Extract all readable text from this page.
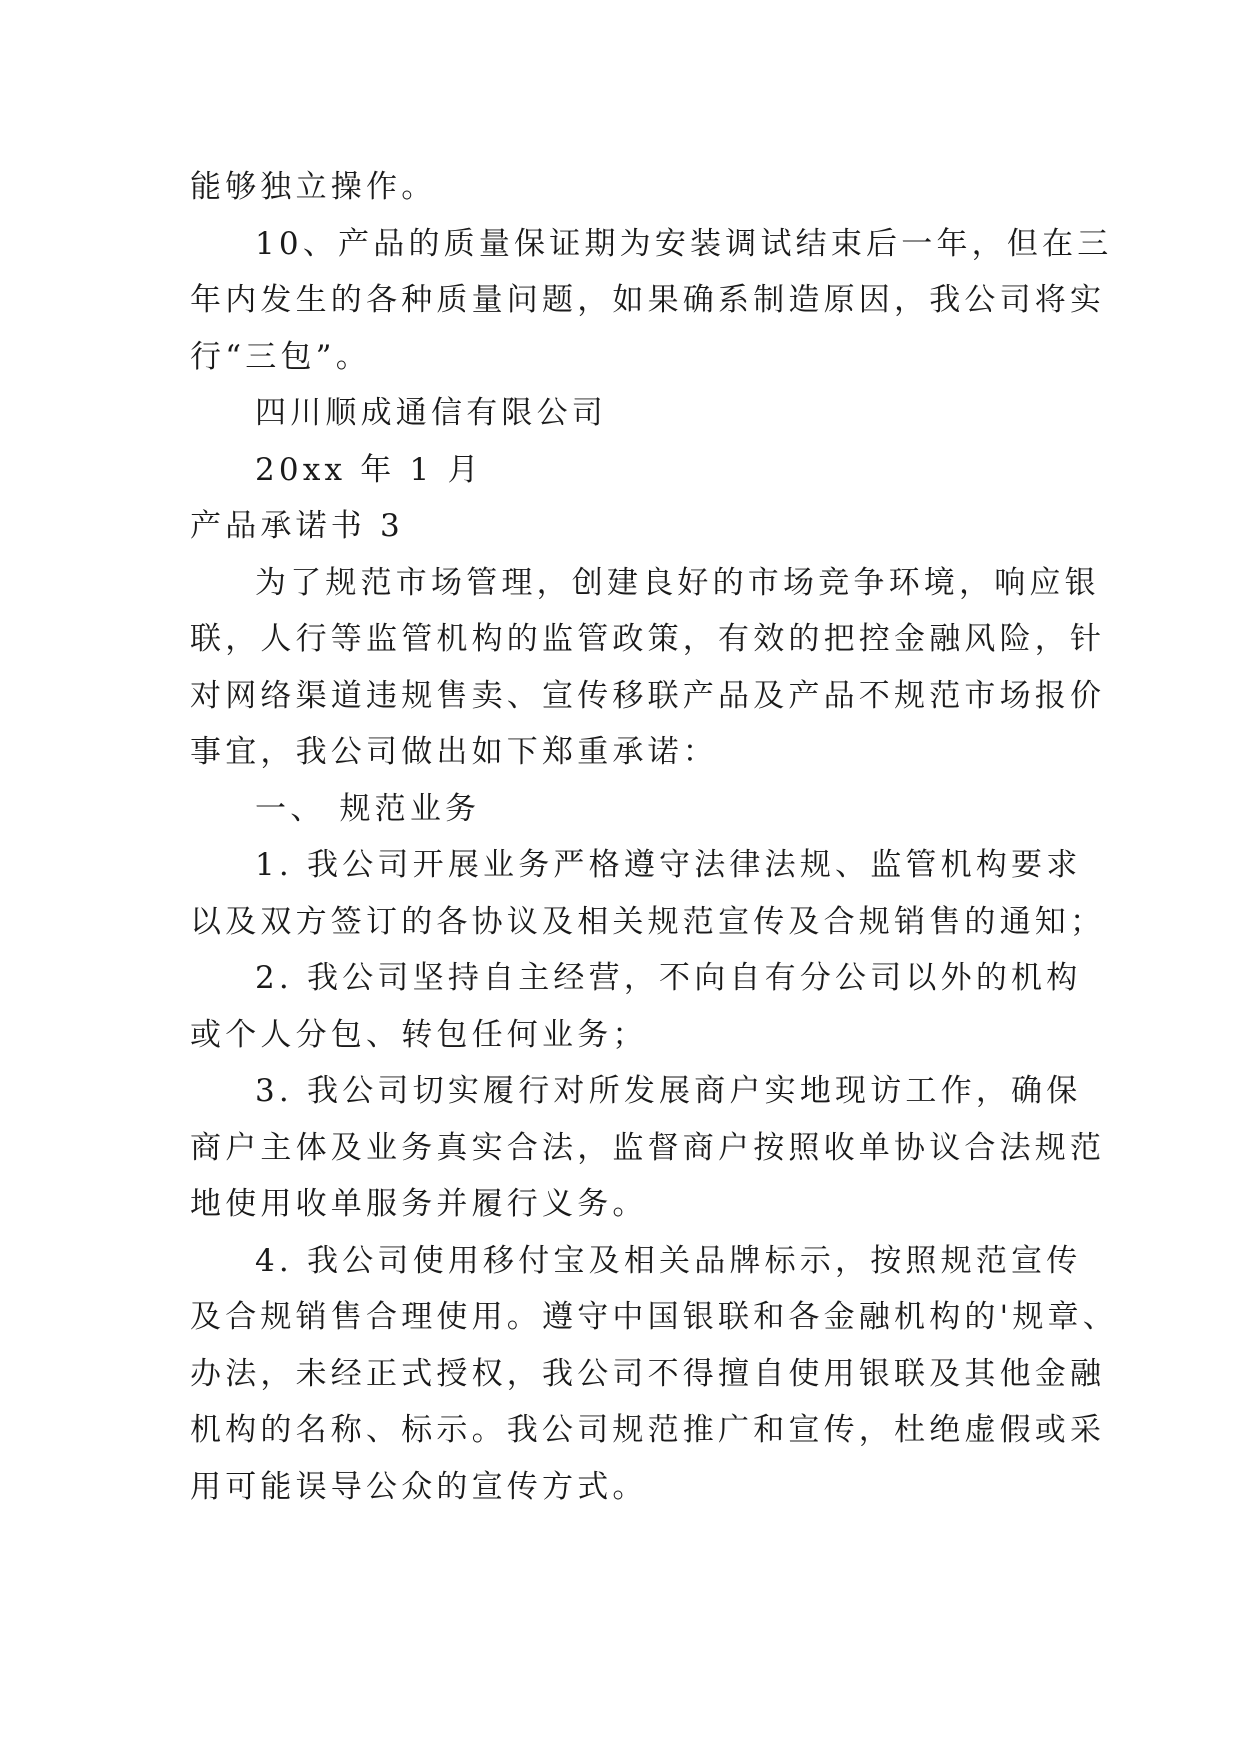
能够独立操作。
10、产品的质量保证期为安装调试结束后一年，但在三
年内发生的各种质量问题，如果确系制造原因，我公司将实
行“三包”。
四川顺成通信有限公司
20xx 年 1 月
产品承诺书 3
为了规范市场管理，创建良好的市场竞争环境，响应银
联，人行等监管机构的监管政策，有效的把控金融风险，针
对网络渠道违规售卖、宣传移联产品及产品不规范市场报价
事宜，我公司做出如下郑重承诺：
一、 规范业务
1. 我公司开展业务严格遵守法律法规、监管机构要求
以及双方签订的各协议及相关规范宣传及合规销售的通知；
2. 我公司坚持自主经营，不向自有分公司以外的机构
或个人分包、转包任何业务；
3. 我公司切实履行对所发展商户实地现访工作，确保
商户主体及业务真实合法，监督商户按照收单协议合法规范
地使用收单服务并履行义务。
4. 我公司使用移付宝及相关品牌标示，按照规范宣传
及合规销售合理使用。遵守中国银联和各金融机构的'规章、
办法，未经正式授权，我公司不得擅自使用银联及其他金融
机构的名称、标示。我公司规范推广和宣传，杜绝虚假或采
用可能误导公众的宣传方式。
